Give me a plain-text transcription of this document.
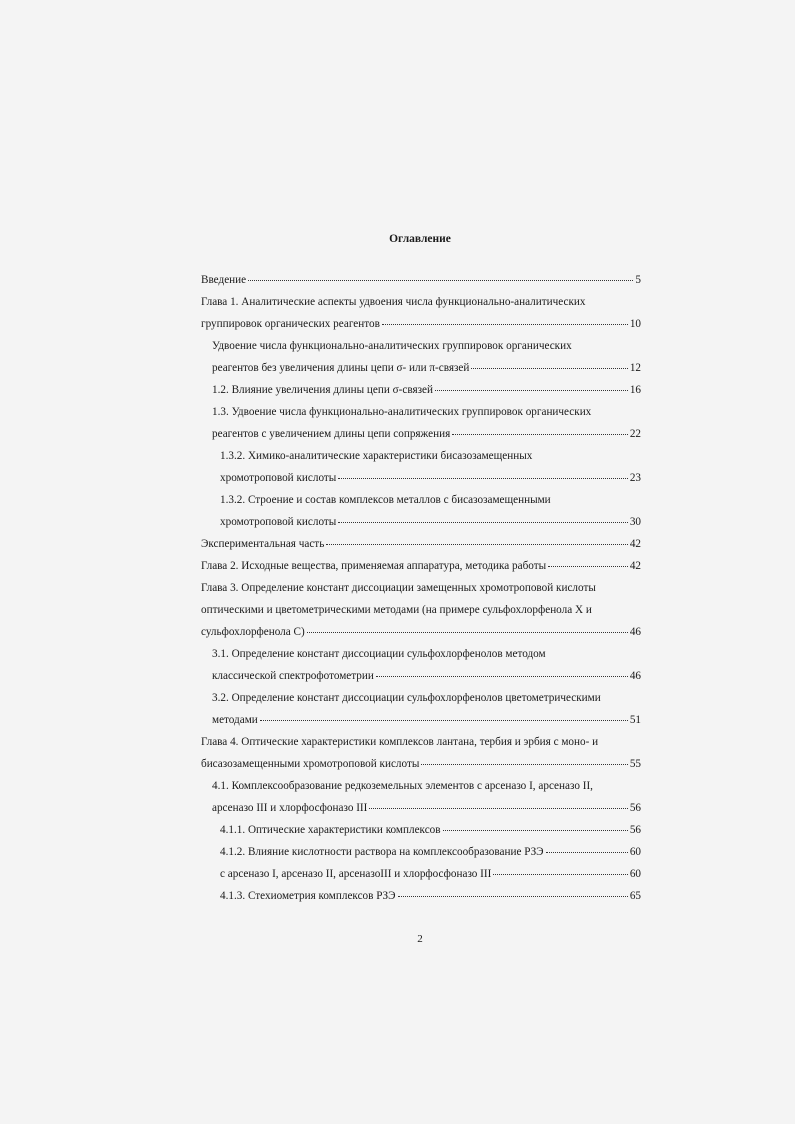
Оглавление
Введение	5
Глава 1. Аналитические аспекты удвоения числа функционально-аналитических
группировок органических реагентов	10
Удвоение числа функционально-аналитических группировок органических
реагентов без увеличения длины цепи σ- или π-связей	12
1.2. Влияние увеличения длины цепи σ-связей	16
1.3. Удвоение числа функционально-аналитических группировок органических
реагентов с увеличением длины цепи сопряжения	22
1.3.2. Химико-аналитические характеристики бисазозамещенных
хромотроповой кислоты	23
1.3.2. Строение и состав комплексов металлов с бисазозамещенными
хромотроповой кислоты	30
Экспериментальная часть	42
Глава 2. Исходные вещества, применяемая аппаратура, методика работы	42
Глава 3. Определение констант диссоциации замещенных хромотроповой кислоты
оптическими и цветометрическими методами (на примере сульфохлорфенола Х и
сульфохлорфенола С)	46
3.1. Определение констант диссоциации сульфохлорфенолов методом
классической спектрофотометрии	46
3.2. Определение констант диссоциации сульфохлорфенолов цветометрическими
методами	51
Глава 4. Оптические характеристики комплексов лантана, тербия и эрбия с моно- и
бисазозамещенными хромотроповой кислоты	55
4.1. Комплексообразование редкоземельных элементов с арсеназо I, арсеназо II,
арсеназо III и хлорфосфоназо III	56
4.1.1. Оптические характеристики комплексов	56
4.1.2. Влияние кислотности раствора на комплексообразование РЗЭ	60
с арсеназо I, арсеназо II, арсеназоIII и хлорфосфоназо III	60
4.1.3. Стехиометрия комплексов РЗЭ	65
2
